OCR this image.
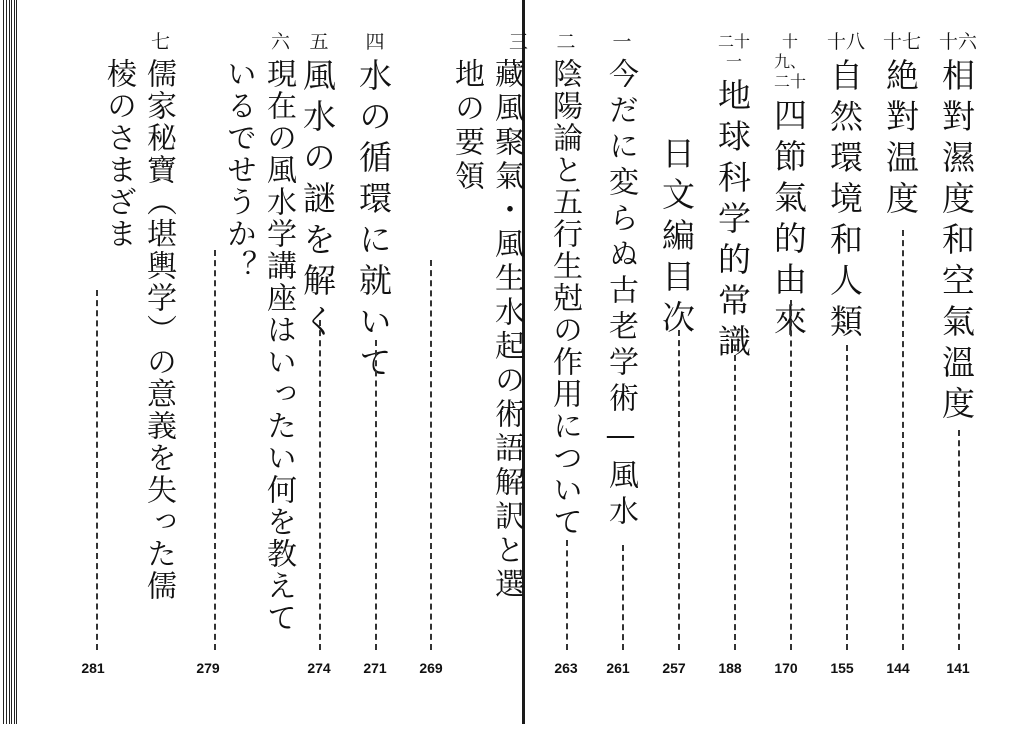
十六
相對濕度和空氣溫度
141
十七
絶對温度
144
十八
自然環境和人類
155
十九、二十
四節氣的由來
170
二十一
地球科学的常識
188
日文編目次
257
一
今だに変らぬ古老学術—風水
261
二
陰陽論と五行生尅の作用について
263
三
藏風聚氣・風生水起の術語解訳と選地の要領
269
四
水の循環に就いて
271
五
風水の謎を解く
274
六
現在の風水学講座はいったい何を教えているでせうか？
279
七
儒家秘寶（堪輿学）の意義を失った儒棱のさまざま
281
